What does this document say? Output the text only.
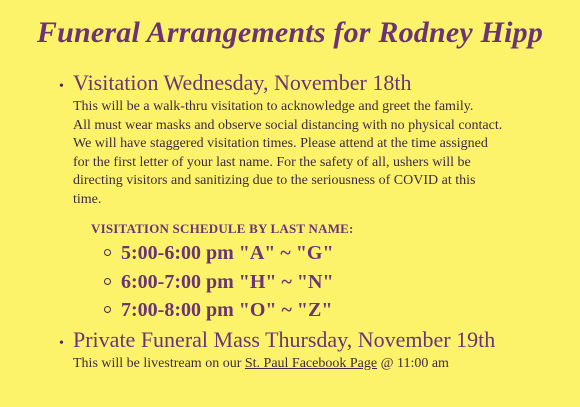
Funeral Arrangements for Rodney Hipp
• Visitation Wednesday, November 18th
This will be a walk-thru visitation to acknowledge and greet the family.
All must wear masks and observe social distancing with no physical contact.
We will have staggered visitation times. Please attend at the time assigned
for the first letter of your last name. For the safety of all, ushers will be
directing visitors and sanitizing due to the seriousness of COVID at this
time.
VISITATION SCHEDULE BY LAST NAME:
5:00-6:00 pm "A" ~ "G"
6:00-7:00 pm "H" ~ "N"
7:00-8:00 pm "O" ~ "Z"
• Private Funeral Mass Thursday, November 19th
This will be livestream on our St. Paul Facebook Page @ 11:00 am
